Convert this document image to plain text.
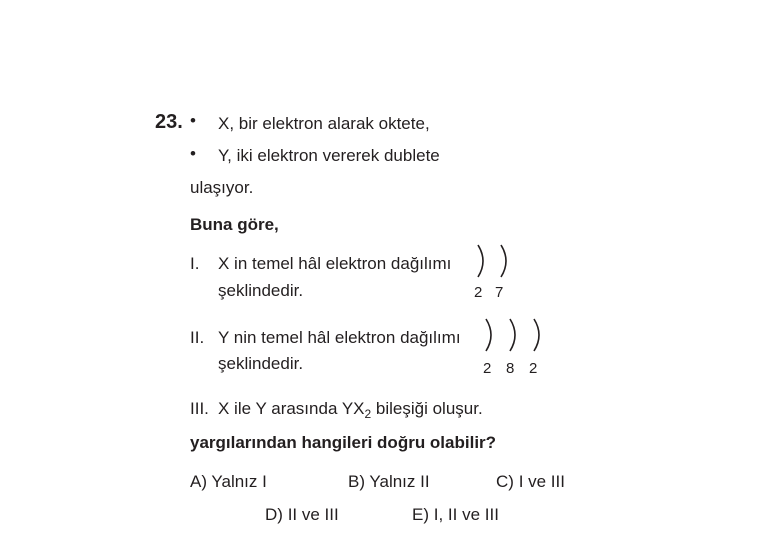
23. • X, bir elektron alarak oktete,
• Y, iki elektron vererek dublete
ulaşıyor.
Buna göre,
I. X in temel hâl elektron dağılımı
şeklindedir.	2 7
II. Y nin temel hâl elektron dağılımı
şeklindedir.	2 8 2
III. X ile Y arasında $YX_2$ bileşiği oluşur.
yargılarından hangileri doğru olabilir?
A) Yalnız I	B) Yalnız II	C) I ve III
D) II ve III	E) I, II ve III
